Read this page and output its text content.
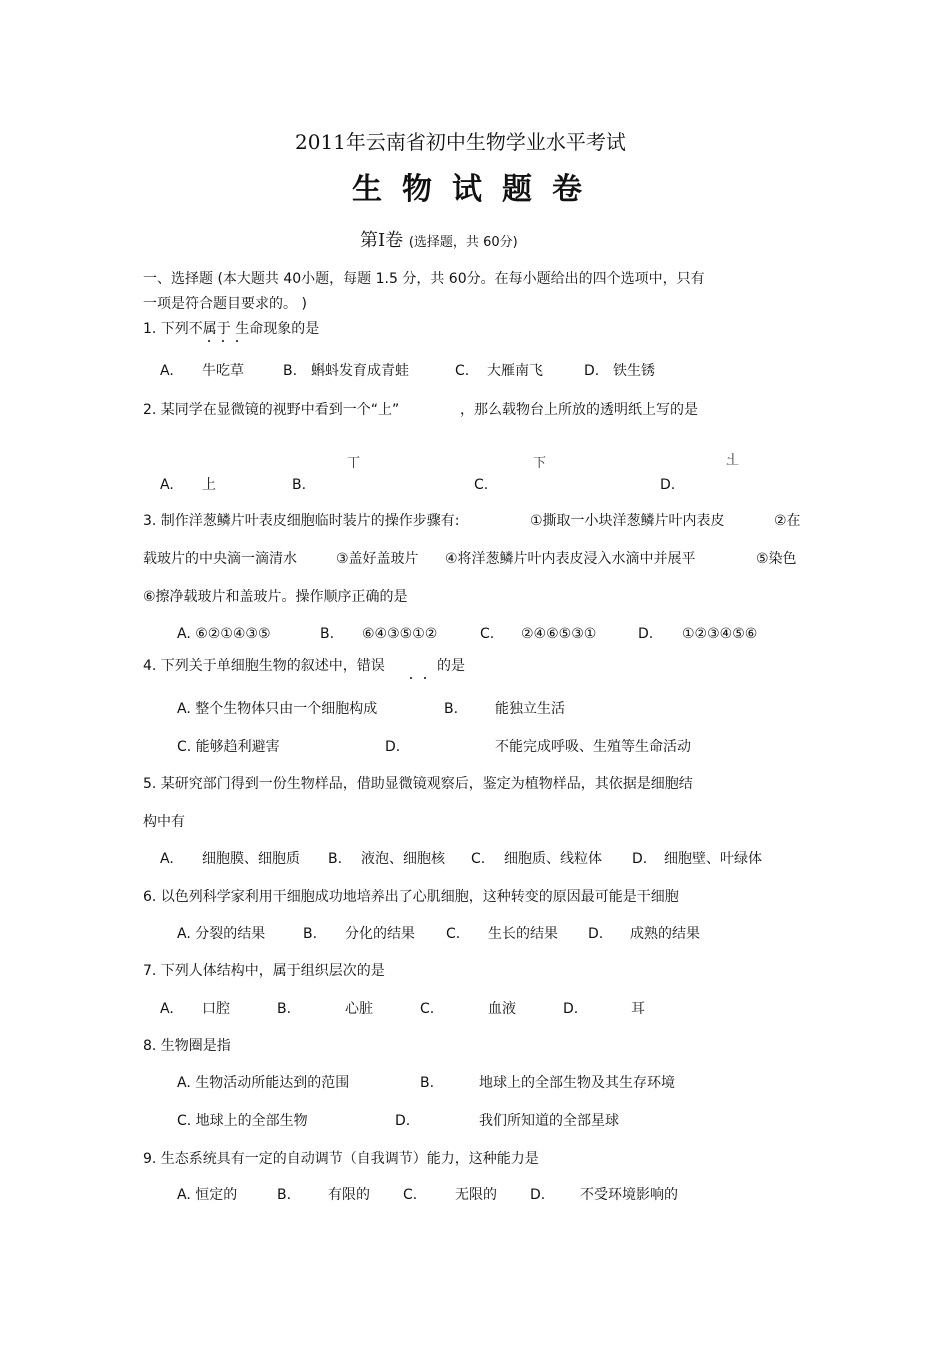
2011年云南省初中生物学业水平考试
生物试题卷
第Ⅰ卷 (选择题，共 60分)
一、选择题 (本大题共 40小题，每题 1.5 分，共 60分。在每小题给出的四个选项中，只有
一项是符合题目要求的。 )
1. 下列不属于 生命现象的是
A. 牛吃草	B. 蝌蚪发育成青蛙	C. 大雁南飞	D. 铁生锈
2. 某同学在显微镜的视野中看到一个“上”	，那么载物台上所放的透明纸上写的是
丅	下	上
A. 上	B.	C.	D.
3. 制作洋葱鳞片叶表皮细胞临时装片的操作步骤有:	①撕取一小块洋葱鳞片叶内表皮	②在
载玻片的中央滴一滴清水	③盖好盖玻片 ④将洋葱鳞片叶内表皮浸入水滴中并展平	⑤染色
⑥擦净载玻片和盖玻片。操作顺序正确的是
A. ⑥②①④③⑤	B. ⑥④③⑤①②	C. ②④⑥⑤③①	D. ①②③④⑤⑥
4. 下列关于单细胞生物的叙述中，错误	的是
A. 整个生物体只由一个细胞构成	B.	能独立生活
C. 能够趋利避害	D.	不能完成呼吸、生殖等生命活动
5. 某研究部门得到一份生物样品，借助显微镜观察后，鉴定为植物样品，其依据是细胞结
构中有
A. 细胞膜、细胞质 B. 液泡、细胞核 C. 细胞质、线粒体 D. 细胞壁、叶绿体
6. 以色列科学家利用干细胞成功地培养出了心肌细胞，这种转变的原因最可能是干细胞
A. 分裂的结果	B. 分化的结果 C. 生长的结果 D. 成熟的结果
7. 下列人体结构中，属于组织层次的是
A. 口腔	B.	心脏	C.	血液	D.	耳
8. 生物圈是指
A. 生物活动所能达到的范围	B.	地球上的全部生物及其生存环境
C. 地球上的全部生物	D.	我们所知道的全部星球
9. 生态系统具有一定的自动调节（自我调节）能力，这种能力是
A. 恒定的	B.	有限的 C.	无限的 D. 不受环境影响的
